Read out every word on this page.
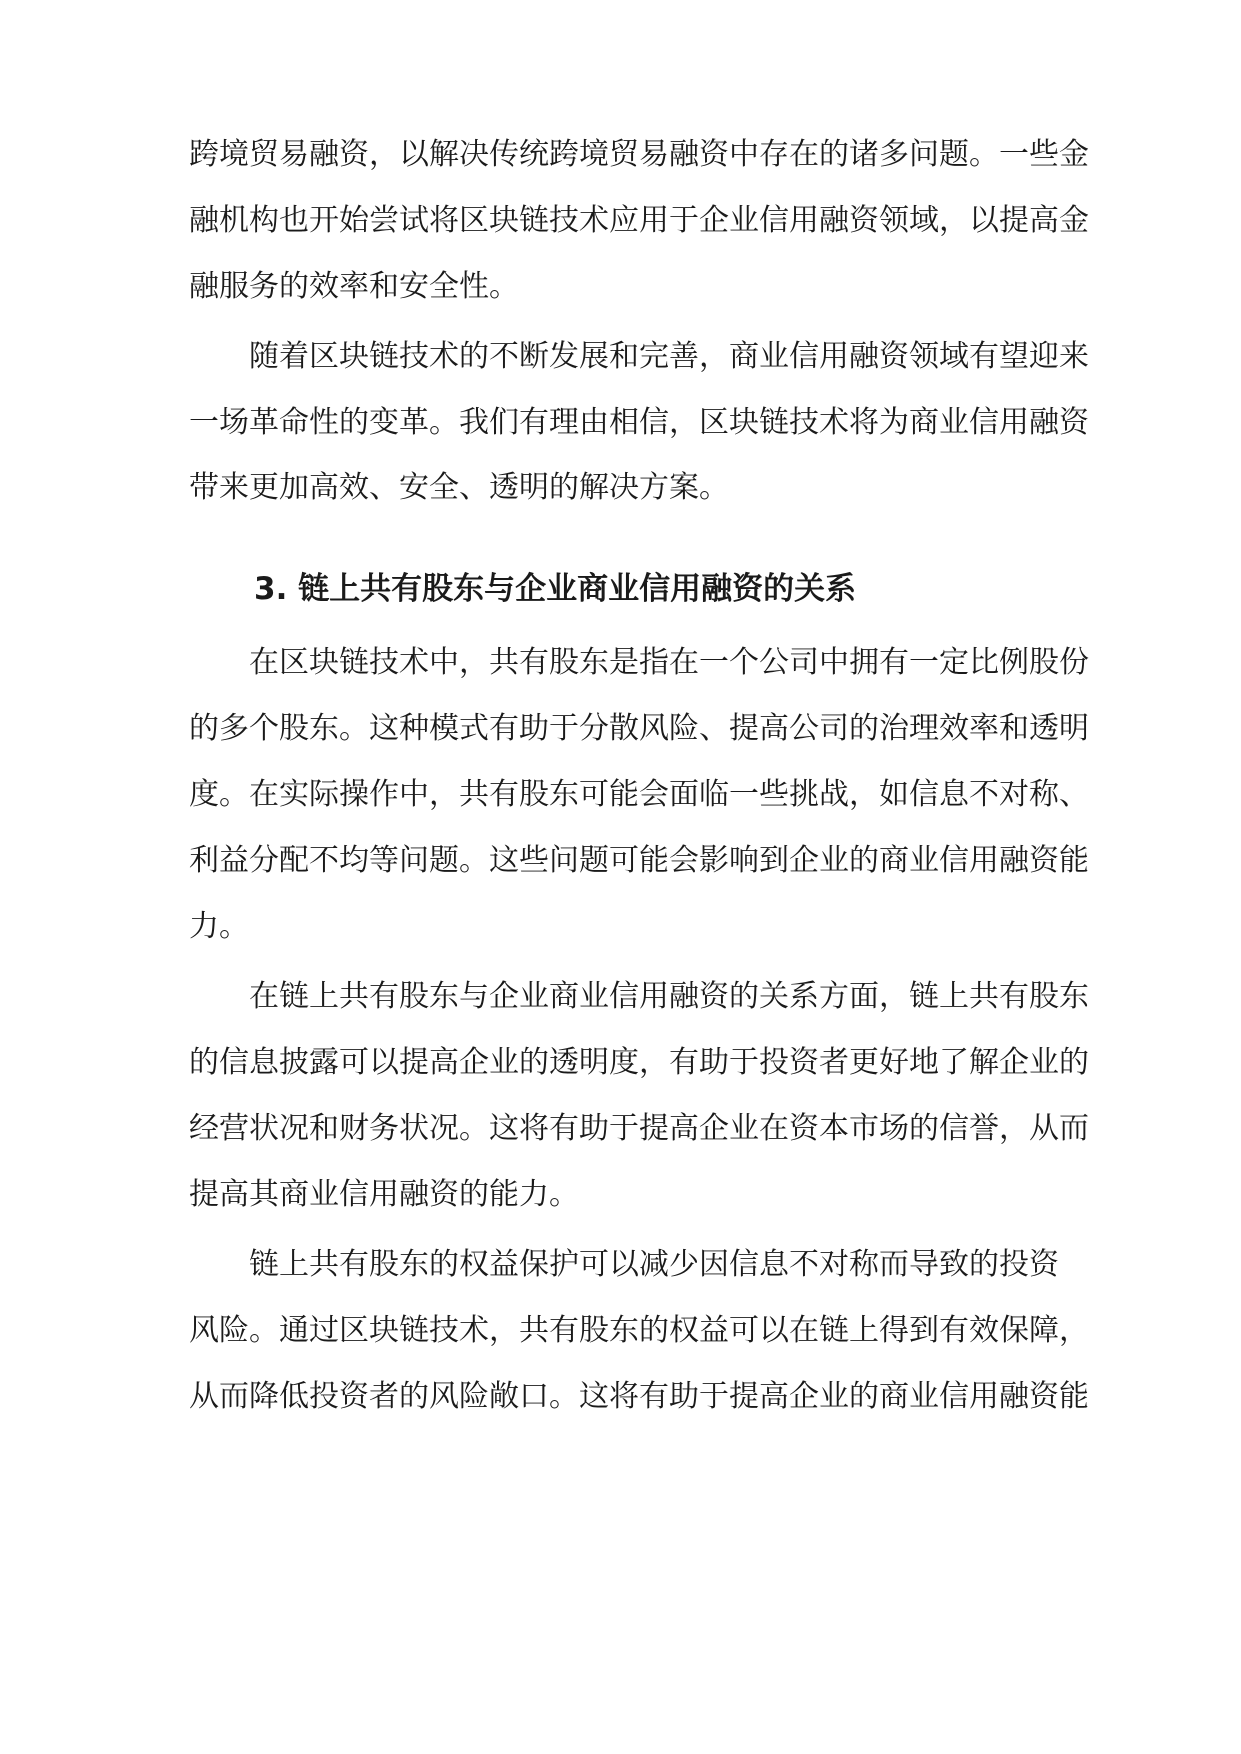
跨境贸易融资，以解决传统跨境贸易融资中存在的诸多问题。一些金
融机构也开始尝试将区块链技术应用于企业信用融资领域，以提高金
融服务的效率和安全性。
随着区块链技术的不断发展和完善，商业信用融资领域有望迎来
一场革命性的变革。我们有理由相信，区块链技术将为商业信用融资
带来更加高效、安全、透明的解决方案。
3. 链上共有股东与企业商业信用融资的关系
在区块链技术中，共有股东是指在一个公司中拥有一定比例股份
的多个股东。这种模式有助于分散风险、提高公司的治理效率和透明
度。在实际操作中，共有股东可能会面临一些挑战，如信息不对称、
利益分配不均等问题。这些问题可能会影响到企业的商业信用融资能
力。
在链上共有股东与企业商业信用融资的关系方面，链上共有股东
的信息披露可以提高企业的透明度，有助于投资者更好地了解企业的
经营状况和财务状况。这将有助于提高企业在资本市场的信誉，从而
提高其商业信用融资的能力。
链上共有股东的权益保护可以减少因信息不对称而导致的投资
风险。通过区块链技术，共有股东的权益可以在链上得到有效保障，
从而降低投资者的风险敞口。这将有助于提高企业的商业信用融资能
